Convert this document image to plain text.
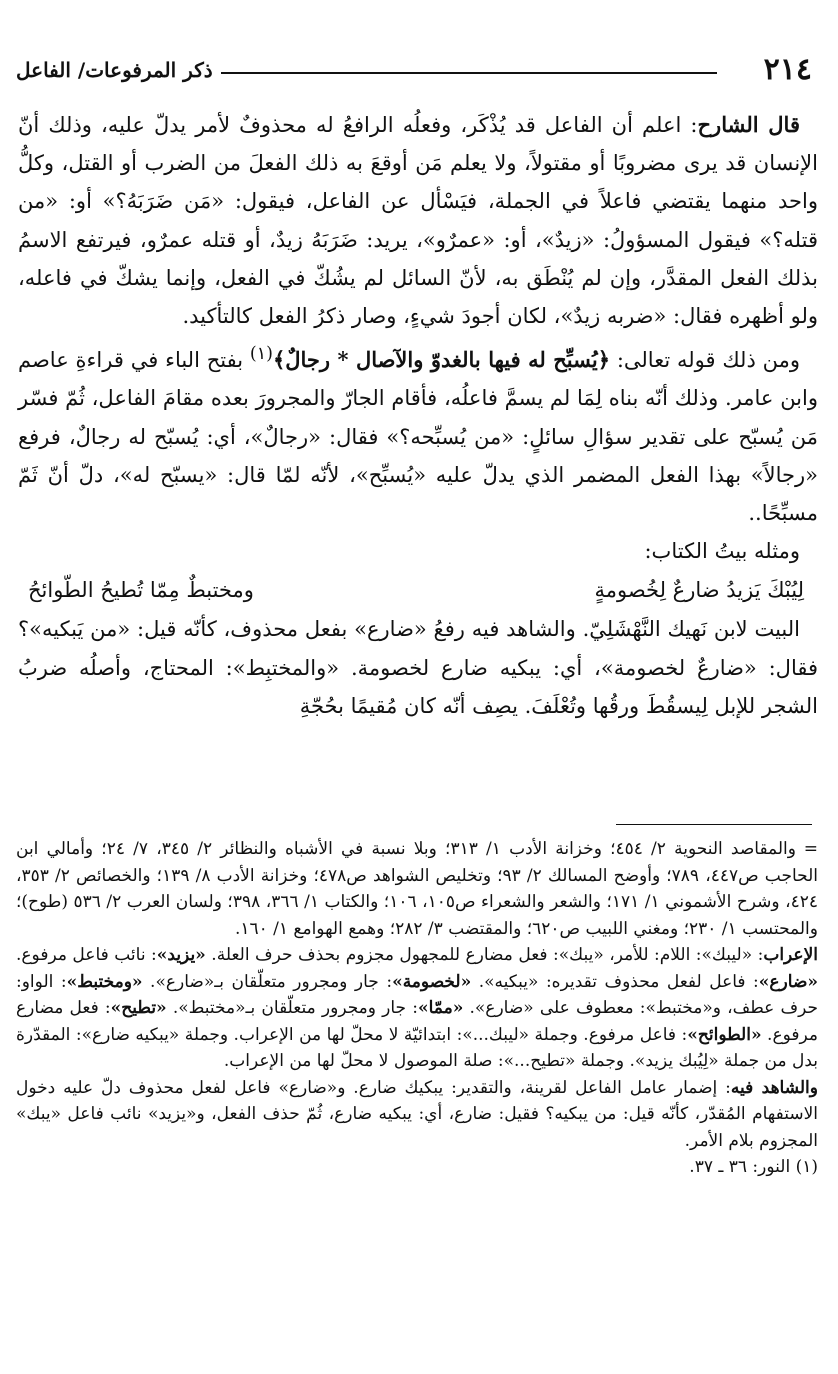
٢١٤
ذكر المرفوعات/ الفاعل

قال الشارح: اعلم أن الفاعل قد يُذْكَر، وفعلُه الرافعُ له محذوفٌ لأمر يدلّ عليه، وذلك أنّ الإنسان قد يرى مضروبًا أو مقتولاً، ولا يعلم مَن أوقعَ به ذلك الفعلَ من الضرب أو القتل، وكلُّ واحد منهما يقتضي فاعلاً في الجملة، فيَسْأل عن الفاعل، فيقول: «مَن ضَرَبَهُ؟» أو: «من قتله؟» فيقول المسؤولُ: «زيدٌ»، أو: «عمرٌو»، يريد: ضَرَبَهُ زيدٌ، أو قتله عمرٌو، فيرتفع الاسمُ بذلك الفعل المقدَّر، وإن لم يُنْطَق به، لأنّ السائل لم يشُكّ في الفعل، وإنما يشكّ في فاعله، ولو أظهره فقال: «ضربه زيدٌ»، لكان أجودَ شيءٍ، وصار ذكرُ الفعل كالتأكيد.

ومن ذلك قوله تعالى: ﴿يُسبِّح له فيها بالغدوّ والآصال * رجالٌ﴾$^{(١)}$ بفتح الباء في قراءةِ عاصم وابن عامر. وذلك أنّه بناه لِمَا لم يسمَّ فاعلُه، فأقام الجارّ والمجرورَ بعده مقامَ الفاعل، ثُمّ فسّر مَن يُسبّح على تقدير سؤالِ سائلٍ: «من يُسبِّحه؟» فقال: «رجالٌ»، أي: يُسبّح له رجالٌ، فرفع «رجالاً» بهذا الفعل المضمر الذي يدلّ عليه «يُسبِّح»، لأنّه لمّا قال: «يسبّح له»، دلّ أنّ ثَمّ مسبِّحًا..

ومثله بيتُ الكتاب:

لِيُبْكَ يَزيدُ ضارعٌ لِخُصومةٍ
ومختبطٌ مِمّا تُطيحُ الطّوائحُ

البيت لابن نَهيك النَّهْشَلِيّ. والشاهد فيه رفعُ «ضارع» بفعل محذوف، كأنّه قيل: «من يَبكيه»؟ فقال: «ضارعٌ لخصومة»، أي: يبكيه ضارع لخصومة. «والمختبِط»: المحتاج، وأصلُه ضربُ الشجر للإبل لِيسقُطَ ورقُها وتُعْلَفَ. يصِف أنّه كان مُقيمًا بحُجّةِ

=والمقاصد النحوية ٢/ ٤٥٤؛ وخزانة الأدب ١/ ٣١٣؛ وبلا نسبة في الأشباه والنظائر ٢/ ٣٤٥، ٧/ ٢٤؛ وأمالي ابن الحاجب ص٤٤٧، ٧٨٩؛ وأوضح المسالك ٢/ ٩٣؛ وتخليص الشواهد ص٤٧٨؛ وخزانة الأدب ٨/ ١٣٩؛ والخصائص ٢/ ٣٥٣، ٤٢٤، وشرح الأشموني ١/ ١٧١؛ والشعر والشعراء ص١٠٥، ١٠٦؛ والكتاب ١/ ٣٦٦، ٣٩٨؛ ولسان العرب ٢/ ٥٣٦ (طوح)؛ والمحتسب ١/ ٢٣٠؛ ومغني اللبيب ص٦٢٠؛ والمقتضب ٣/ ٢٨٢؛ وهمع الهوامع ١/ ١٦٠.

الإعراب: «ليبك»: اللام: للأمر، «يبك»: فعل مضارع للمجهول مجزوم بحذف حرف العلة. «يزيد»: نائب فاعل مرفوع. «ضارع»: فاعل لفعل محذوف تقديره: «يبكيه». «لخصومة»: جار ومجرور متعلّقان بـ«ضارع». «ومختبط»: الواو: حرف عطف، و«مختبط»: معطوف على «ضارع». «ممّا»: جار ومجرور متعلّقان بـ«مختبط». «تطيح»: فعل مضارع مرفوع. «الطوائح»: فاعل مرفوع. وجملة «ليبك...»: ابتدائيّة لا محلّ لها من الإعراب. وجملة «يبكيه ضارع»: المقدّرة بدل من جملة «لِيُبك يزيد». وجملة «تطيح...»: صلة الموصول لا محلّ لها من الإعراب.

والشاهد فيه: إضمار عامل الفاعل لقرينة، والتقدير: يبكيك ضارع. و«ضارع» فاعل لفعل محذوف دلّ عليه دخول الاستفهام المُقدّر، كأنّه قيل: من يبكيه؟ فقيل: ضارع، أي: يبكيه ضارع، ثُمّ حذف الفعل، و«يزيد» نائب فاعل «يبك» المجزوم بلام الأمر.

(١) النور: ٣٦ ـ ٣٧.
